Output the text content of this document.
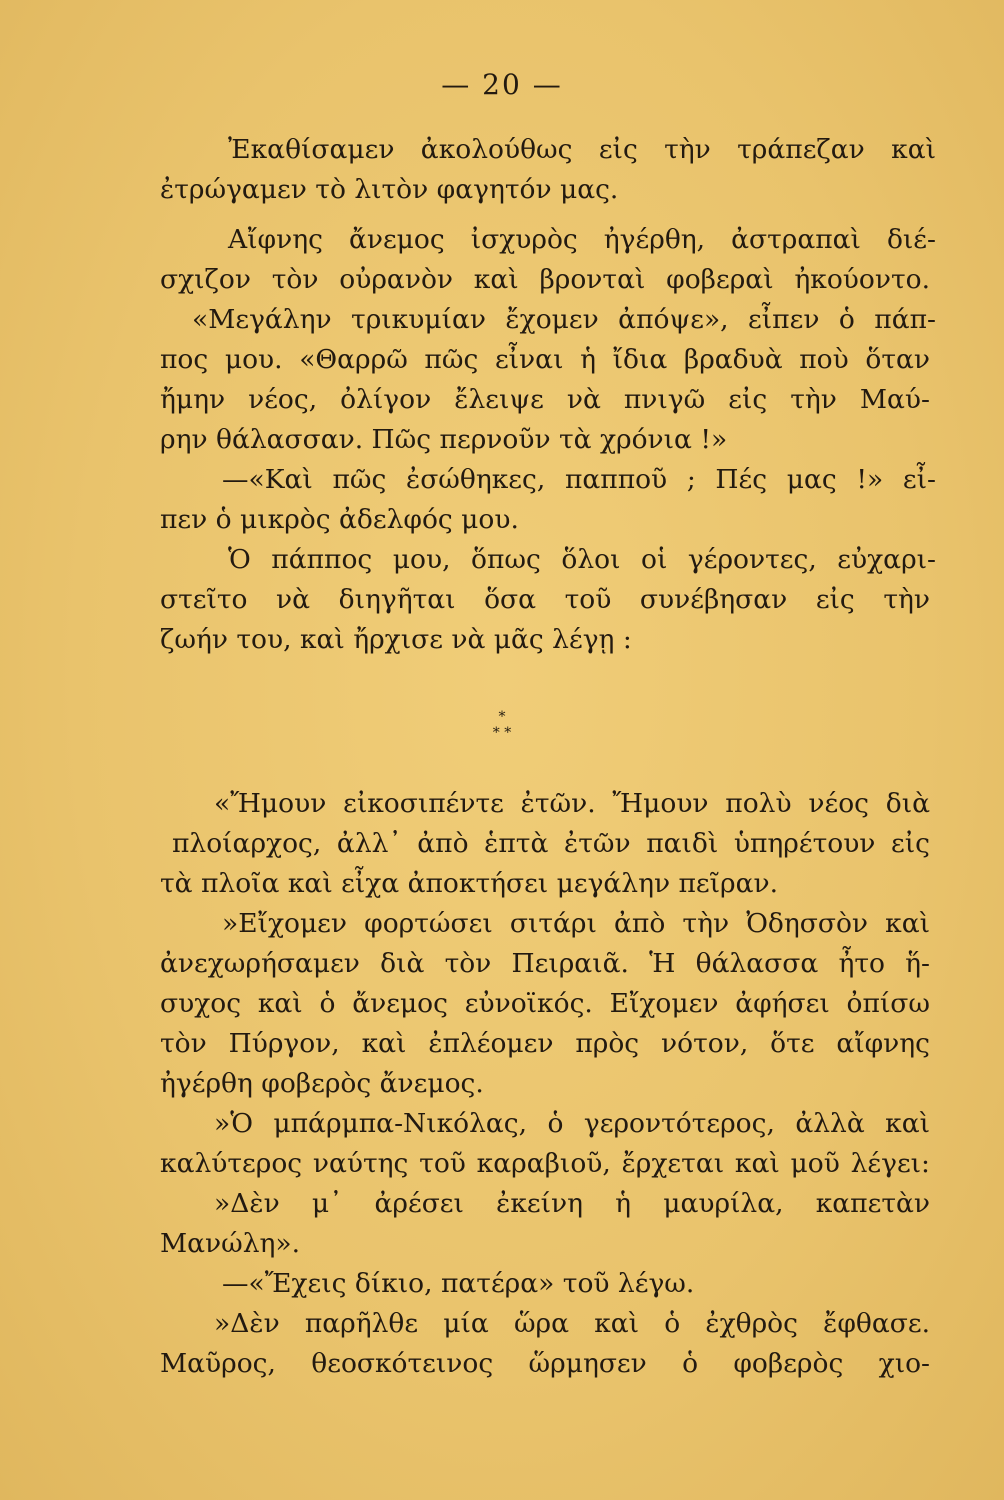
— 20 —
Ἐκαθίσαμεν ἀκολούθως εἰς τὴν τράπεζαν καὶ
ἐτρώγαμεν τὸ λιτὸν φαγητόν μας.
Αἴφνης ἄνεμος ἰσχυρὸς ἠγέρθη, ἀστραπαὶ διέ-
σχιζον τὸν οὐρανὸν καὶ βρονταὶ φοβεραὶ ἠκούοντο.
«Μεγάλην τρικυμίαν ἔχομεν ἀπόψε», εἶπεν ὁ πάπ-
πος μου. «Θαρρῶ πῶς εἶναι ἡ ἴδια βραδυὰ ποὺ ὅταν
ἤμην νέος, ὀλίγον ἔλειψε νὰ πνιγῶ εἰς τὴν Μαύ-
ρην θάλασσαν. Πῶς περνοῦν τὰ χρόνια !»
—«Καὶ πῶς ἐσώθηκες, παπποῦ ; Πές μας !» εἶ-
πεν ὁ μικρὸς ἀδελφός μου.
Ὁ πάππος μου, ὅπως ὅλοι οἱ γέροντες, εὐχαρι-
στεῖτο νὰ διηγῆται ὅσα τοῦ συνέβησαν εἰς τὴν
ζωήν του, καὶ ἤρχισε νὰ μᾶς λέγῃ :
*
* *
«Ἤμουν εἰκοσιπέντε ἐτῶν. Ἤμουν πολὺ νέος διὰ
πλοίαρχος, ἀλλ᾽ ἀπὸ ἑπτὰ ἐτῶν παιδὶ ὑπηρέτουν εἰς
τὰ πλοῖα καὶ εἶχα ἀποκτήσει μεγάλην πεῖραν.
»Εἴχομεν φορτώσει σιτάρι ἀπὸ τὴν Ὀδησσὸν καὶ
ἀνεχωρήσαμεν διὰ τὸν Πειραιᾶ. Ἡ θάλασσα ἦτο ἥ-
συχος καὶ ὁ ἄνεμος εὐνοϊκός. Εἴχομεν ἀφήσει ὀπίσω
τὸν Πύργον, καὶ ἐπλέομεν πρὸς νότον, ὅτε αἴφνης
ἠγέρθη φοβερὸς ἄνεμος.
»Ὁ μπάρμπα-Νικόλας, ὁ γεροντότερος, ἀλλὰ καὶ
καλύτερος ναύτης τοῦ καραβιοῦ, ἔρχεται καὶ μοῦ λέγει:
»Δὲν μ᾽ ἀρέσει ἐκείνη ἡ μαυρίλα, καπετὰν
Μανώλη».
—«Ἔχεις δίκιο, πατέρα» τοῦ λέγω.
»Δὲν παρῆλθε μία ὥρα καὶ ὁ ἐχθρὸς ἔφθασε.
Μαῦρος, θεοσκότεινος ὥρμησεν ὁ φοβερὸς χιο-
